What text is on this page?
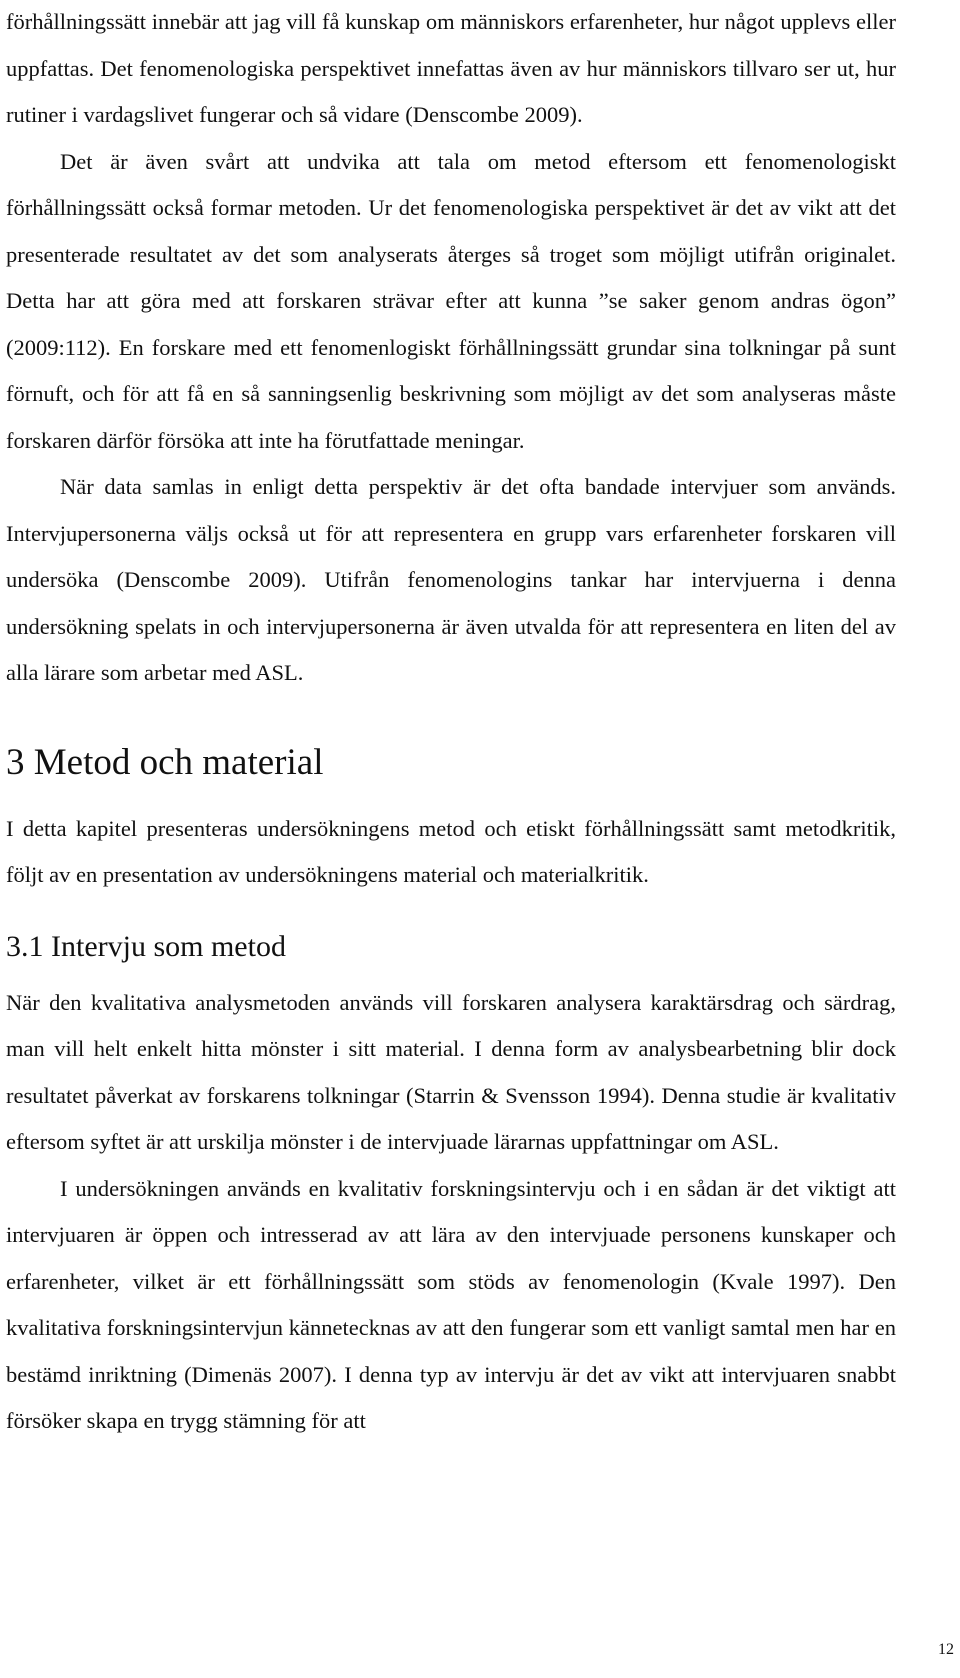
förhållningssätt innebär att jag vill få kunskap om människors erfarenheter, hur något upplevs eller uppfattas. Det fenomenologiska perspektivet innefattas även av hur människors tillvaro ser ut, hur rutiner i vardagslivet fungerar och så vidare (Denscombe 2009).

Det är även svårt att undvika att tala om metod eftersom ett fenomenologiskt förhållningssätt också formar metoden. Ur det fenomenologiska perspektivet är det av vikt att det presenterade resultatet av det som analyserats återges så troget som möjligt utifrån originalet. Detta har att göra med att forskaren strävar efter att kunna ”se saker genom andras ögon” (2009:112). En forskare med ett fenomenlogiskt förhållningssätt grundar sina tolkningar på sunt förnuft, och för att få en så sanningsenlig beskrivning som möjligt av det som analyseras måste forskaren därför försöka att inte ha förutfattade meningar.

När data samlas in enligt detta perspektiv är det ofta bandade intervjuer som används. Intervjupersonerna väljs också ut för att representera en grupp vars erfarenheter forskaren vill undersöka (Denscombe 2009). Utifrån fenomenologins tankar har intervjuerna i denna undersökning spelats in och intervjupersonerna är även utvalda för att representera en liten del av alla lärare som arbetar med ASL.

3 Metod och material

I detta kapitel presenteras undersökningens metod och etiskt förhållningssätt samt metodkritik, följt av en presentation av undersökningens material och materialkritik.

3.1 Intervju som metod

När den kvalitativa analysmetoden används vill forskaren analysera karaktärsdrag och särdrag, man vill helt enkelt hitta mönster i sitt material. I denna form av analysbearbetning blir dock resultatet påverkat av forskarens tolkningar (Starrin & Svensson 1994). Denna studie är kvalitativ eftersom syftet är att urskilja mönster i de intervjuade lärarnas uppfattningar om ASL.

I undersökningen används en kvalitativ forskningsintervju och i en sådan är det viktigt att intervjuaren är öppen och intresserad av att lära av den intervjuade personens kunskaper och erfarenheter, vilket är ett förhållningssätt som stöds av fenomenologin (Kvale 1997). Den kvalitativa forskningsintervjun kännetecknas av att den fungerar som ett vanligt samtal men har en bestämd inriktning (Dimenäs 2007). I denna typ av intervju är det av vikt att intervjuaren snabbt försöker skapa en trygg stämning för att

12
